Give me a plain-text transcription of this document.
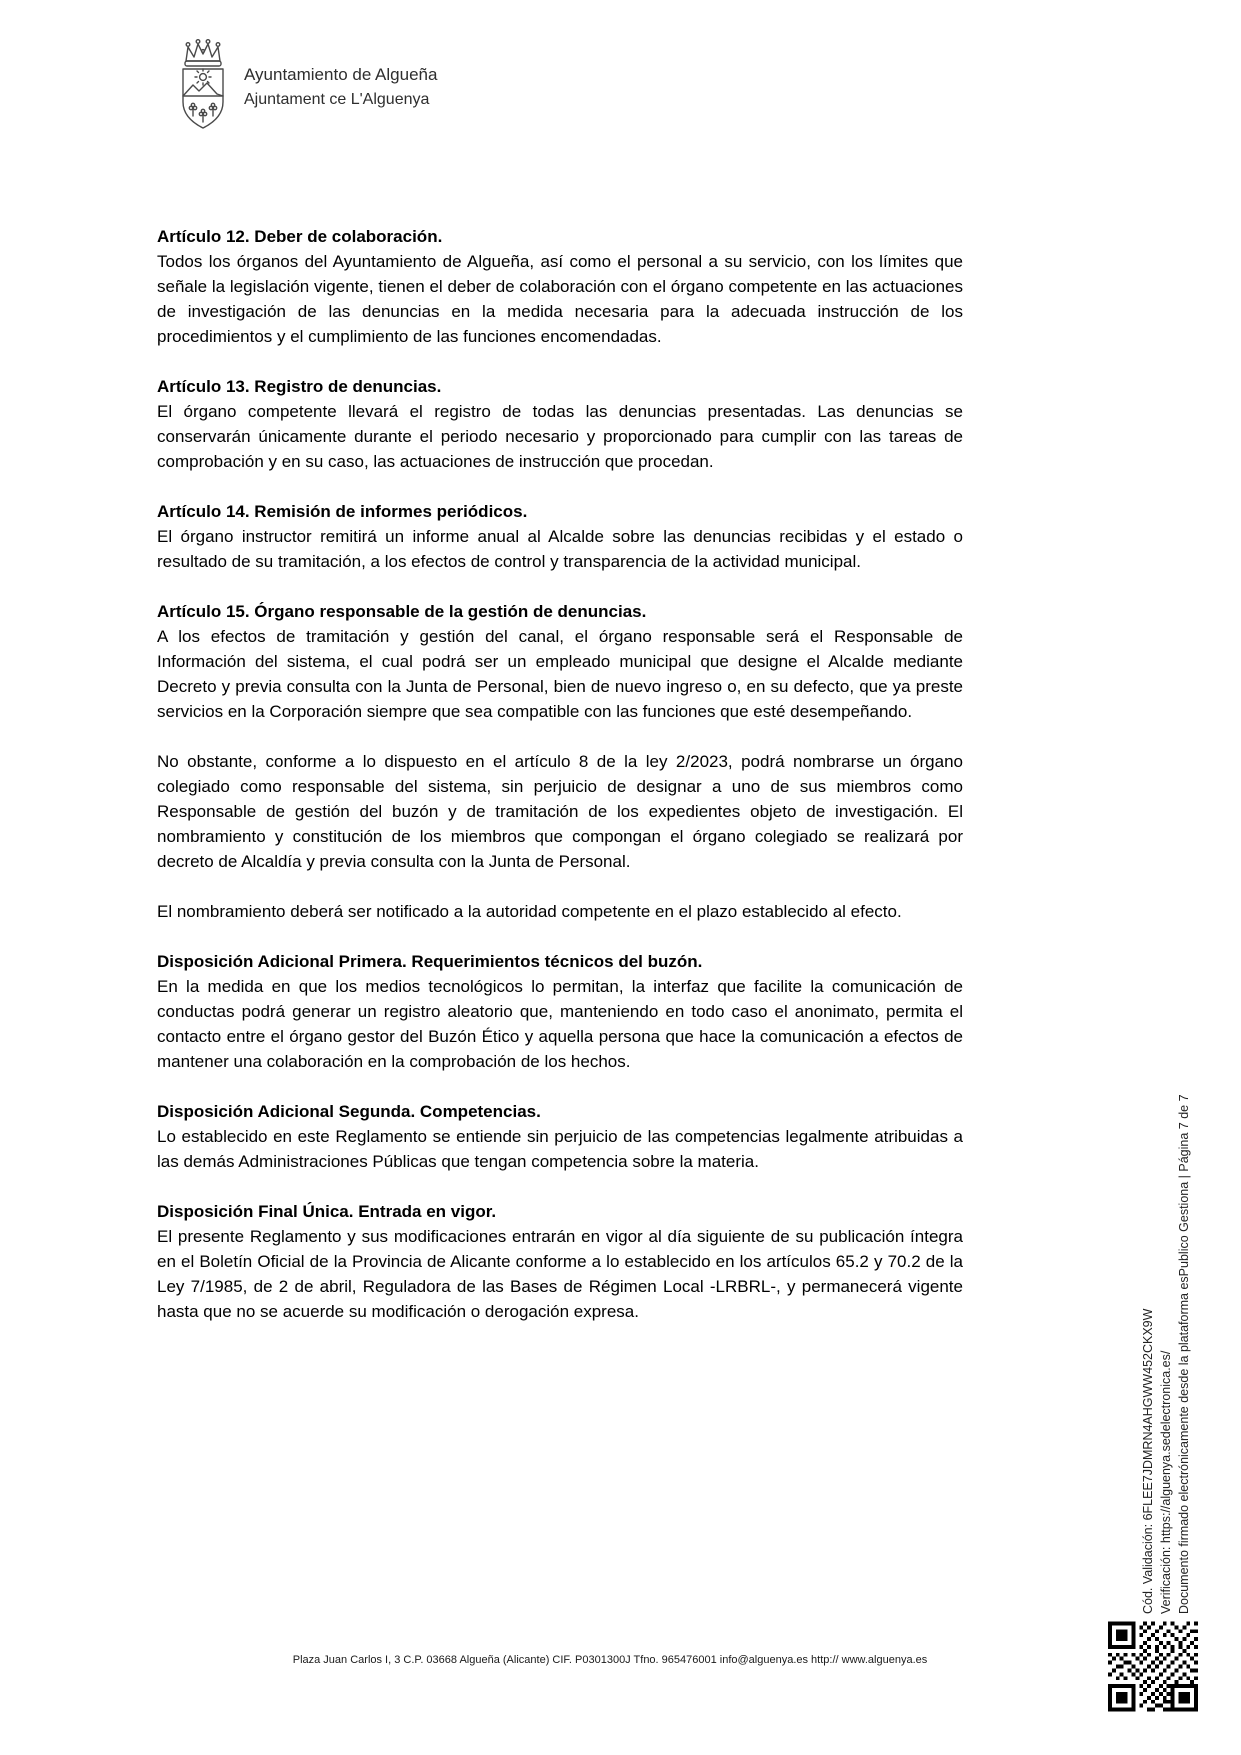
Ayuntamiento de Algueña
Ajuntament ce L'Alguenya
Artículo 12. Deber de colaboración.

Todos los órganos del Ayuntamiento de Algueña, así como el personal a su servicio, con los límites que señale la legislación vigente, tienen el deber de colaboración con el órgano competente en las actuaciones de investigación de las denuncias en la medida necesaria para la adecuada instrucción de los procedimientos y el cumplimiento de las funciones encomendadas.

Artículo 13. Registro de denuncias.

El órgano competente llevará el registro de todas las denuncias presentadas. Las denuncias se conservarán únicamente durante el periodo necesario y proporcionado para cumplir con las tareas de comprobación y en su caso, las actuaciones de instrucción que procedan.

Artículo 14. Remisión de informes periódicos.

El órgano instructor remitirá un informe anual al Alcalde sobre las denuncias recibidas y el estado o resultado de su tramitación, a los efectos de control y transparencia de la actividad municipal.

Artículo 15. Órgano responsable de la gestión de denuncias.

A los efectos de tramitación y gestión del canal, el órgano responsable será el Responsable de Información del sistema, el cual podrá ser un empleado municipal que designe el Alcalde mediante Decreto y previa consulta con la Junta de Personal, bien de nuevo ingreso o, en su defecto, que ya preste servicios en la Corporación siempre que sea compatible con las funciones que esté desempeñando.

No obstante, conforme a lo dispuesto en el artículo 8 de la ley 2/2023, podrá nombrarse un órgano colegiado como responsable del sistema, sin perjuicio de designar a uno de sus miembros como Responsable de gestión del buzón y de tramitación de los expedientes objeto de investigación. El nombramiento y constitución de los miembros que compongan el órgano colegiado se realizará por decreto de Alcaldía y previa consulta con la Junta de Personal.

El nombramiento deberá ser notificado a la autoridad competente en el plazo establecido al efecto.

Disposición Adicional Primera. Requerimientos técnicos del buzón.

En la medida en que los medios tecnológicos lo permitan, la interfaz que facilite la comunicación de conductas podrá generar un registro aleatorio que, manteniendo en todo caso el anonimato, permita el contacto entre el órgano gestor del Buzón Ético y aquella persona que hace la comunicación a efectos de mantener una colaboración en la comprobación de los hechos.

Disposición Adicional Segunda. Competencias.

Lo establecido en este Reglamento se entiende sin perjuicio de las competencias legalmente atribuidas a las demás Administraciones Públicas que tengan competencia sobre la materia.

Disposición Final Única. Entrada en vigor.

El presente Reglamento y sus modificaciones entrarán en vigor al día siguiente de su publicación íntegra en el Boletín Oficial de la Provincia de Alicante conforme a lo establecido en los artículos 65.2 y 70.2 de la Ley 7/1985, de 2 de abril, Reguladora de las Bases de Régimen Local -LRBRL-, y permanecerá vigente hasta que no se acuerde su modificación o derogación expresa.

Plaza Juan Carlos I, 3 C.P. 03668 Algueña (Alicante) CIF. P0301300J Tfno. 965476001 info@alguenya.es http:// www.alguenya.es
Cód. Validación: 6FLEE7JDMRN4AHGWW452CKX9W Verificación: https://alguenya.sedelectronica.es/ Documento firmado electrónicamente desde la plataforma esPublico Gestiona | Página 7 de 7
